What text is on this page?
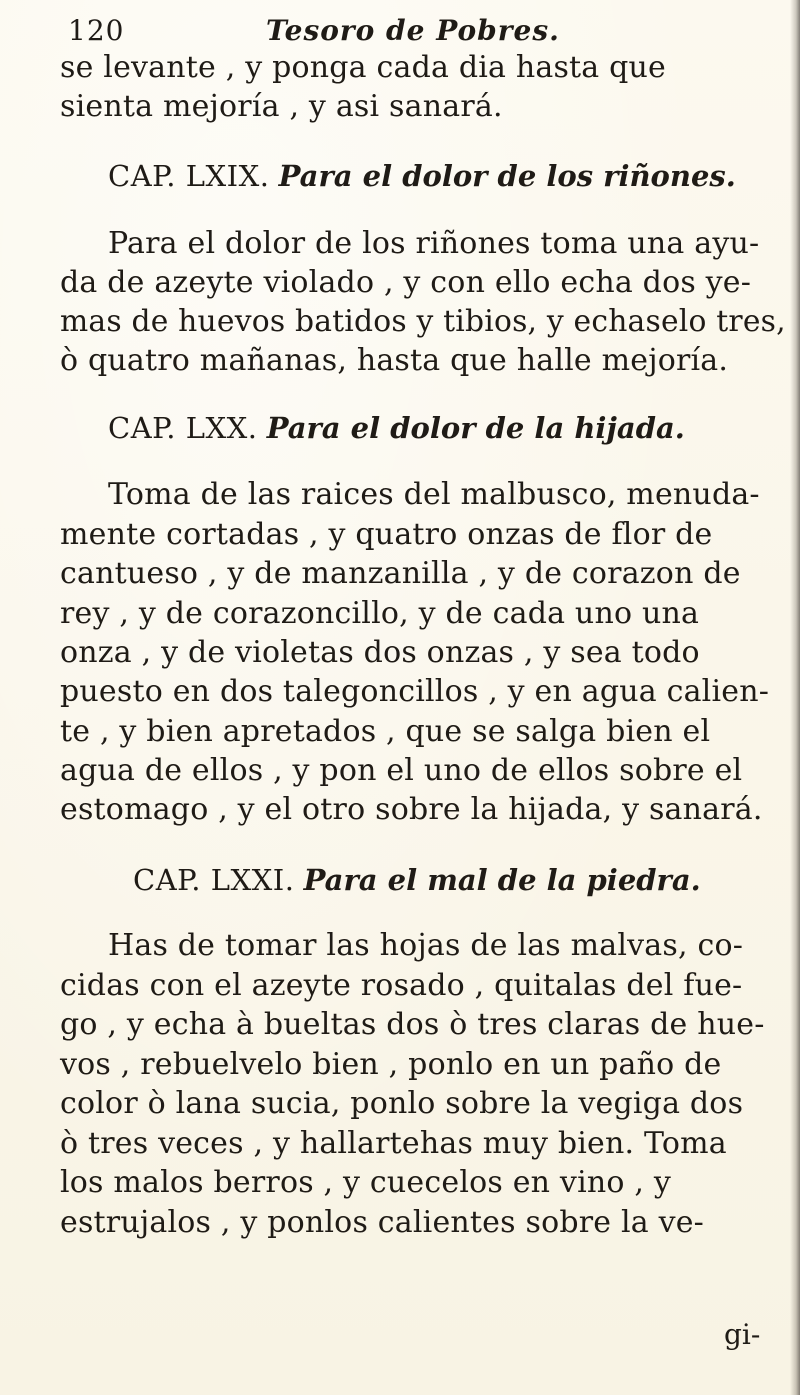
120	Tesoro de Pobres.
se levante , y ponga cada dia hasta que
sienta mejoría , y asi sanará.
CAP. LXIX. Para el dolor de los riñones.
Para el dolor de los riñones toma una ayu-
da de azeyte violado , y con ello echa dos ye-
mas de huevos batidos y tibios, y echaselo tres,
ò quatro mañanas, hasta que halle mejoría.
CAP. LXX. Para el dolor de la hijada.
Toma de las raices del malbusco, menuda-
mente cortadas , y quatro onzas de flor de
cantueso , y de manzanilla , y de corazon de
rey , y de corazoncillo, y de cada uno una
onza , y de violetas dos onzas , y sea todo
puesto en dos talegoncillos , y en agua calien-
te , y bien apretados , que se salga bien el
agua de ellos , y pon el uno de ellos sobre el
estomago , y el otro sobre la hijada, y sanará.
CAP. LXXI. Para el mal de la piedra.
Has de tomar las hojas de las malvas, co-
cidas con el azeyte rosado , quitalas del fue-
go , y echa à bueltas dos ò tres claras de hue-
vos , rebuelvelo bien , ponlo en un paño de
color ò lana sucia, ponlo sobre la vegiga dos
ò tres veces , y hallartehas muy bien. Toma
los malos berros , y cuecelos en vino , y
estrujalos , y ponlos calientes sobre la ve-
gi-
